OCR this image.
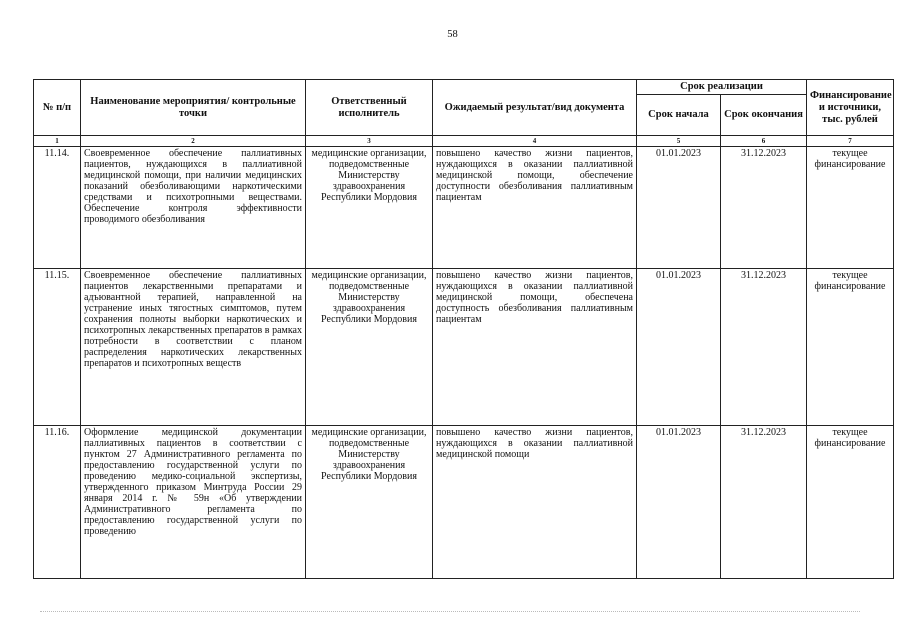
58
№ п/п	Наименование мероприятия/ контрольные точки	Ответственный исполнитель	Ожидаемый результат/вид документа	Срок реализации		Финансирование и источники, тыс. рублей
				Срок начала	Срок окончания	
1	2	3	4	5	6	7
11.14.	Своевременное обеспечение паллиативных пациентов, нуждающихся в паллиативной медицинской помощи, при наличии медицинских показаний обезболивающими наркотическими средствами и психотропными веществами. Обеспечение контроля эффективности проводимого обезболивания	медицинские организации, подведомственные Министерству здравоохранения Республики Мордовия	повышено качество жизни пациентов, нуждающихся в оказании паллиативной медицинской помощи, обеспечение доступности обезболивания паллиативным пациентам	01.01.2023	31.12.2023	текущее финансирование
11.15.	Своевременное обеспечение паллиативных пациентов лекарственными препаратами и адъювантной терапией, направленной на устранение иных тягостных симптомов, путем сохранения полноты выборки наркотических и психотропных лекарственных препаратов в рамках потребности в соответствии с планом распределения наркотических лекарственных препаратов и психотропных веществ	медицинские организации, подведомственные Министерству здравоохранения Республики Мордовия	повышено качество жизни пациентов, нуждающихся в оказании паллиативной медицинской помощи, обеспечена доступность обезболивания паллиативным пациентам	01.01.2023	31.12.2023	текущее финансирование
11.16.	Оформление медицинской документации паллиативных пациентов в соответствии с пунктом 27 Административного регламента по предоставлению государственной услуги по проведению медико-социальной экспертизы, утвержденного приказом Минтруда России 29 января 2014 г. № 59н «Об утверждении Административного регламента по предоставлению государственной услуги по проведению	медицинские организации, подведомственные Министерству здравоохранения Республики Мордовия	повышено качество жизни пациентов, нуждающихся в оказании паллиативной медицинской помощи	01.01.2023	31.12.2023	текущее финансирование
